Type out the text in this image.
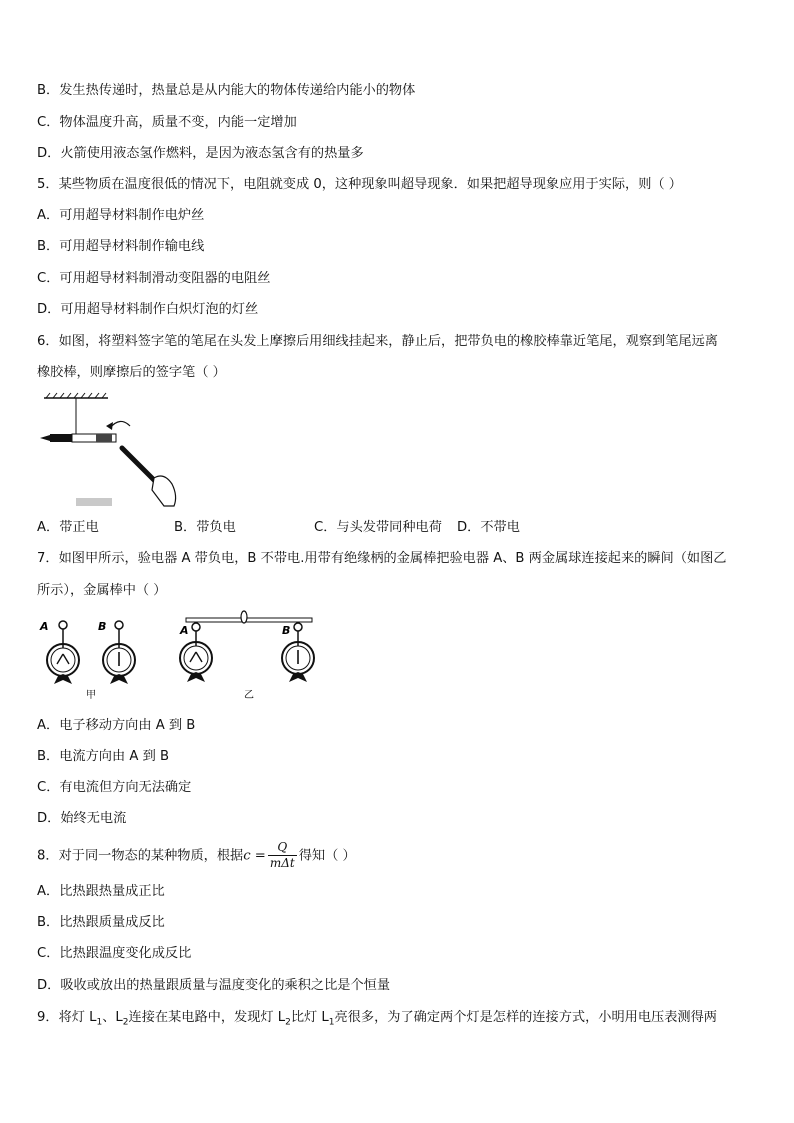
B．发生热传递时，热量总是从内能大的物体传递给内能小的物体
C．物体温度升高，质量不变，内能一定增加
D．火箭使用液态氢作燃料，是因为液态氢含有的热量多
5．某些物质在温度很低的情况下，电阻就变成 0，这种现象叫超导现象．如果把超导现象应用于实际，则（ ）
A．可用超导材料制作电炉丝
B．可用超导材料制作输电线
C．可用超导材料制滑动变阻器的电阻丝
D．可用超导材料制作白炽灯泡的灯丝
6．如图，将塑料签字笔的笔尾在头发上摩擦后用细线挂起来，静止后，把带负电的橡胶棒靠近笔尾，观察到笔尾远离
橡胶棒，则摩擦后的签字笔（ ）
A．带正电	B．带负电	C．与头发带同种电荷 D．不带电
7．如图甲所示，验电器 A 带负电，B 不带电.用带有绝缘柄的金属棒把验电器 A、B 两金属球连接起来的瞬间（如图乙
所示），金属棒中（ ）
A	B
甲
A	B
乙
A．电子移动方向由 A 到 B
B．电流方向由 A 到 B
C．有电流但方向无法确定
D．始终无电流
8．对于同一物态的某种物质，根据$c = \frac{Q}{\text{mΔt}}$ 得知（ ）
A．比热跟热量成正比
B．比热跟质量成反比
C．比热跟温度变化成反比
D．吸收或放出的热量跟质量与温度变化的乘积之比是个恒量
9．将灯 $L_1$、$L_2$连接在某电路中，发现灯 $L_2$比灯 $L_1$亮很多，为了确定两个灯是怎样的连接方式，小明用电压表测得两
